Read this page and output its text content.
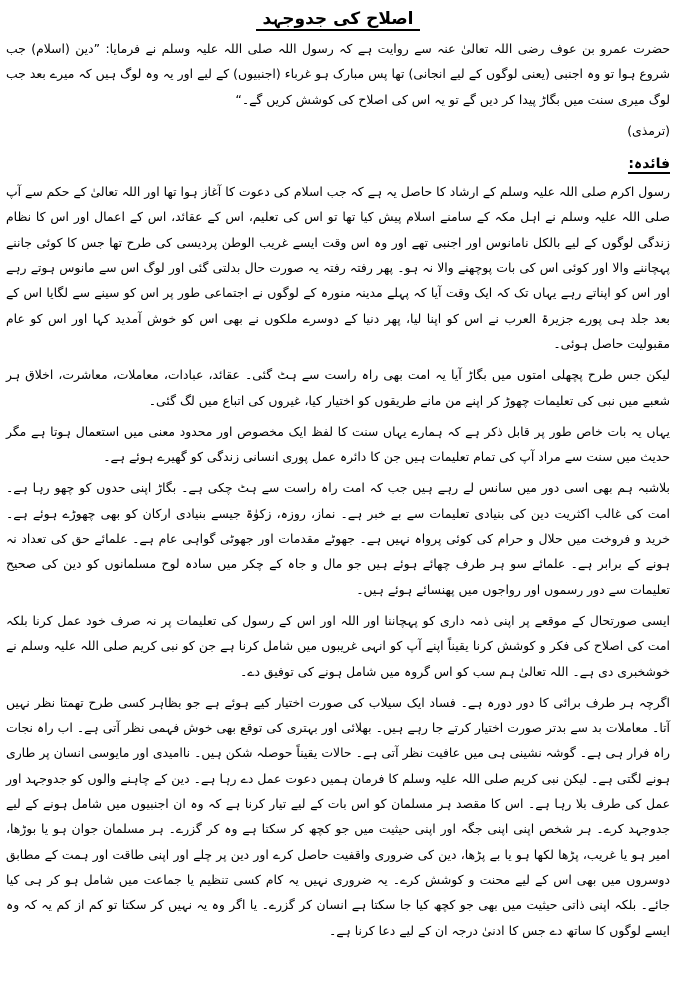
اصلاح کی جدوجہد

حضرت عمرو بن عوف رضی اللہ تعالیٰ عنہ سے روایت ہے کہ رسول اللہ صلی اللہ علیہ وسلم نے فرمایا: ”دین (اسلام) جب شروع ہوا تو وہ اجنبی (یعنی لوگوں کے لیے انجانی) تھا پس مبارک ہو غرباء (اجنبیوں) کے لیے اور یہ وہ لوگ ہیں کہ میرے بعد جب لوگ میری سنت میں بگاڑ پیدا کر دیں گے تو یہ اس کی اصلاح کی کوشش کریں گے۔“

(ترمذی)

فائدہ:

رسول اکرم صلی اللہ علیہ وسلم کے ارشاد کا حاصل یہ ہے کہ جب اسلام کی دعوت کا آغاز ہوا تھا اور اللہ تعالیٰ کے حکم سے آپ صلی اللہ علیہ وسلم نے اہل مکہ کے سامنے اسلام پیش کیا تھا تو اس کی تعلیم، اس کے عقائد، اس کے اعمال اور اس کا نظام زندگی لوگوں کے لیے بالکل نامانوس اور اجنبی تھے اور وہ اس وقت ایسے غریب الوطن پردیسی کی طرح تھا جس کا کوئی جاننے پہچاننے والا اور کوئی اس کی بات پوچھنے والا نہ ہو۔ پھر رفتہ رفتہ یہ صورت حال بدلتی گئی اور لوگ اس سے مانوس ہوتے رہے اور اس کو اپناتے رہے یہاں تک کہ ایک وقت آیا کہ پہلے مدینہ منورہ کے لوگوں نے اجتماعی طور پر اس کو سینے سے لگایا اس کے بعد جلد ہی پورے جزیرۃ العرب نے اس کو اپنا لیا، پھر دنیا کے دوسرے ملکوں نے بھی اس کو خوش آمدید کہا اور اس کو عام مقبولیت حاصل ہوئی۔

لیکن جس طرح پچھلی امتوں میں بگاڑ آیا یہ امت بھی راہ راست سے ہٹ گئی۔ عقائد، عبادات، معاملات، معاشرت، اخلاق ہر شعبے میں نبی کی تعلیمات چھوڑ کر اپنے من مانے طریقوں کو اختیار کیا، غیروں کی اتباع میں لگ گئی۔

یہاں یہ بات خاص طور پر قابل ذکر ہے کہ ہمارے یہاں سنت کا لفظ ایک مخصوص اور محدود معنی میں استعمال ہوتا ہے مگر حدیث میں سنت سے مراد آپ کی تمام تعلیمات ہیں جن کا دائرہ عمل پوری انسانی زندگی کو گھیرے ہوئے ہے۔

بلاشبہ ہم بھی اسی دور میں سانس لے رہے ہیں جب کہ امت راہ راست سے ہٹ چکی ہے۔ بگاڑ اپنی حدوں کو چھو رہا ہے۔ امت کی غالب اکثریت دین کی بنیادی تعلیمات سے بے خبر ہے۔ نماز، روزہ، زکوٰۃ جیسے بنیادی ارکان کو بھی چھوڑے ہوئے ہے۔ خرید و فروخت میں حلال و حرام کی کوئی پرواہ نہیں ہے۔ جھوٹے مقدمات اور جھوٹی گواہی عام ہے۔ علمائے حق کی تعداد نہ ہونے کے برابر ہے۔ علمائے سو ہر طرف چھائے ہوئے ہیں جو مال و جاہ کے چکر میں سادہ لوح مسلمانوں کو دین کی صحیح تعلیمات سے دور رسموں اور رواجوں میں پھنسائے ہوئے ہیں۔

ایسی صورتحال کے موقعے پر اپنی ذمہ داری کو پہچاننا اور اللہ اور اس کے رسول کی تعلیمات پر نہ صرف خود عمل کرنا بلکہ امت کی اصلاح کی فکر و کوشش کرنا یقیناً اپنے آپ کو انہی غریبوں میں شامل کرنا ہے جن کو نبی کریم صلی اللہ علیہ وسلم نے خوشخبری دی ہے۔ اللہ تعالیٰ ہم سب کو اس گروہ میں شامل ہونے کی توفیق دے۔

اگرچہ ہر طرف برائی کا دور دورہ ہے۔ فساد ایک سیلاب کی صورت اختیار کیے ہوئے ہے جو بظاہر کسی طرح تھمتا نظر نہیں آتا۔ معاملات بد سے بدتر صورت اختیار کرتے جا رہے ہیں۔ بھلائی اور بہتری کی توقع بھی خوش فہمی نظر آتی ہے۔ اب راہ نجات راہ فرار ہی ہے۔ گوشہ نشینی ہی میں عافیت نظر آتی ہے۔ حالات یقیناً حوصلہ شکن ہیں۔ ناامیدی اور مایوسی انسان پر طاری ہونے لگتی ہے۔ لیکن نبی کریم صلی اللہ علیہ وسلم کا فرمان ہمیں دعوت عمل دے رہا ہے۔ دین کے چاہنے والوں کو جدوجہد اور عمل کی طرف بلا رہا ہے۔ اس کا مقصد ہر مسلمان کو اس بات کے لیے تیار کرنا ہے کہ وہ ان اجنبیوں میں شامل ہونے کے لیے جدوجہد کرے۔ ہر شخص اپنی اپنی جگہ اور اپنی حیثیت میں جو کچھ کر سکتا ہے وہ کر گزرے۔ ہر مسلمان جوان ہو یا بوڑھا، امیر ہو یا غریب، پڑھا لکھا ہو یا بے پڑھا، دین کی ضروری واقفیت حاصل کرے اور دین پر چلے اور اپنی طاقت اور ہمت کے مطابق دوسروں میں بھی اس کے لیے محنت و کوشش کرے۔ یہ ضروری نہیں یہ کام کسی تنظیم یا جماعت میں شامل ہو کر ہی کیا جائے۔ بلکہ اپنی ذاتی حیثیت میں بھی جو کچھ کیا جا سکتا ہے انسان کر گزرے۔ یا اگر وہ یہ نہیں کر سکتا تو کم از کم یہ کہ وہ ایسے لوگوں کا ساتھ دے جس کا ادنیٰ درجہ ان کے لیے دعا کرنا ہے۔
